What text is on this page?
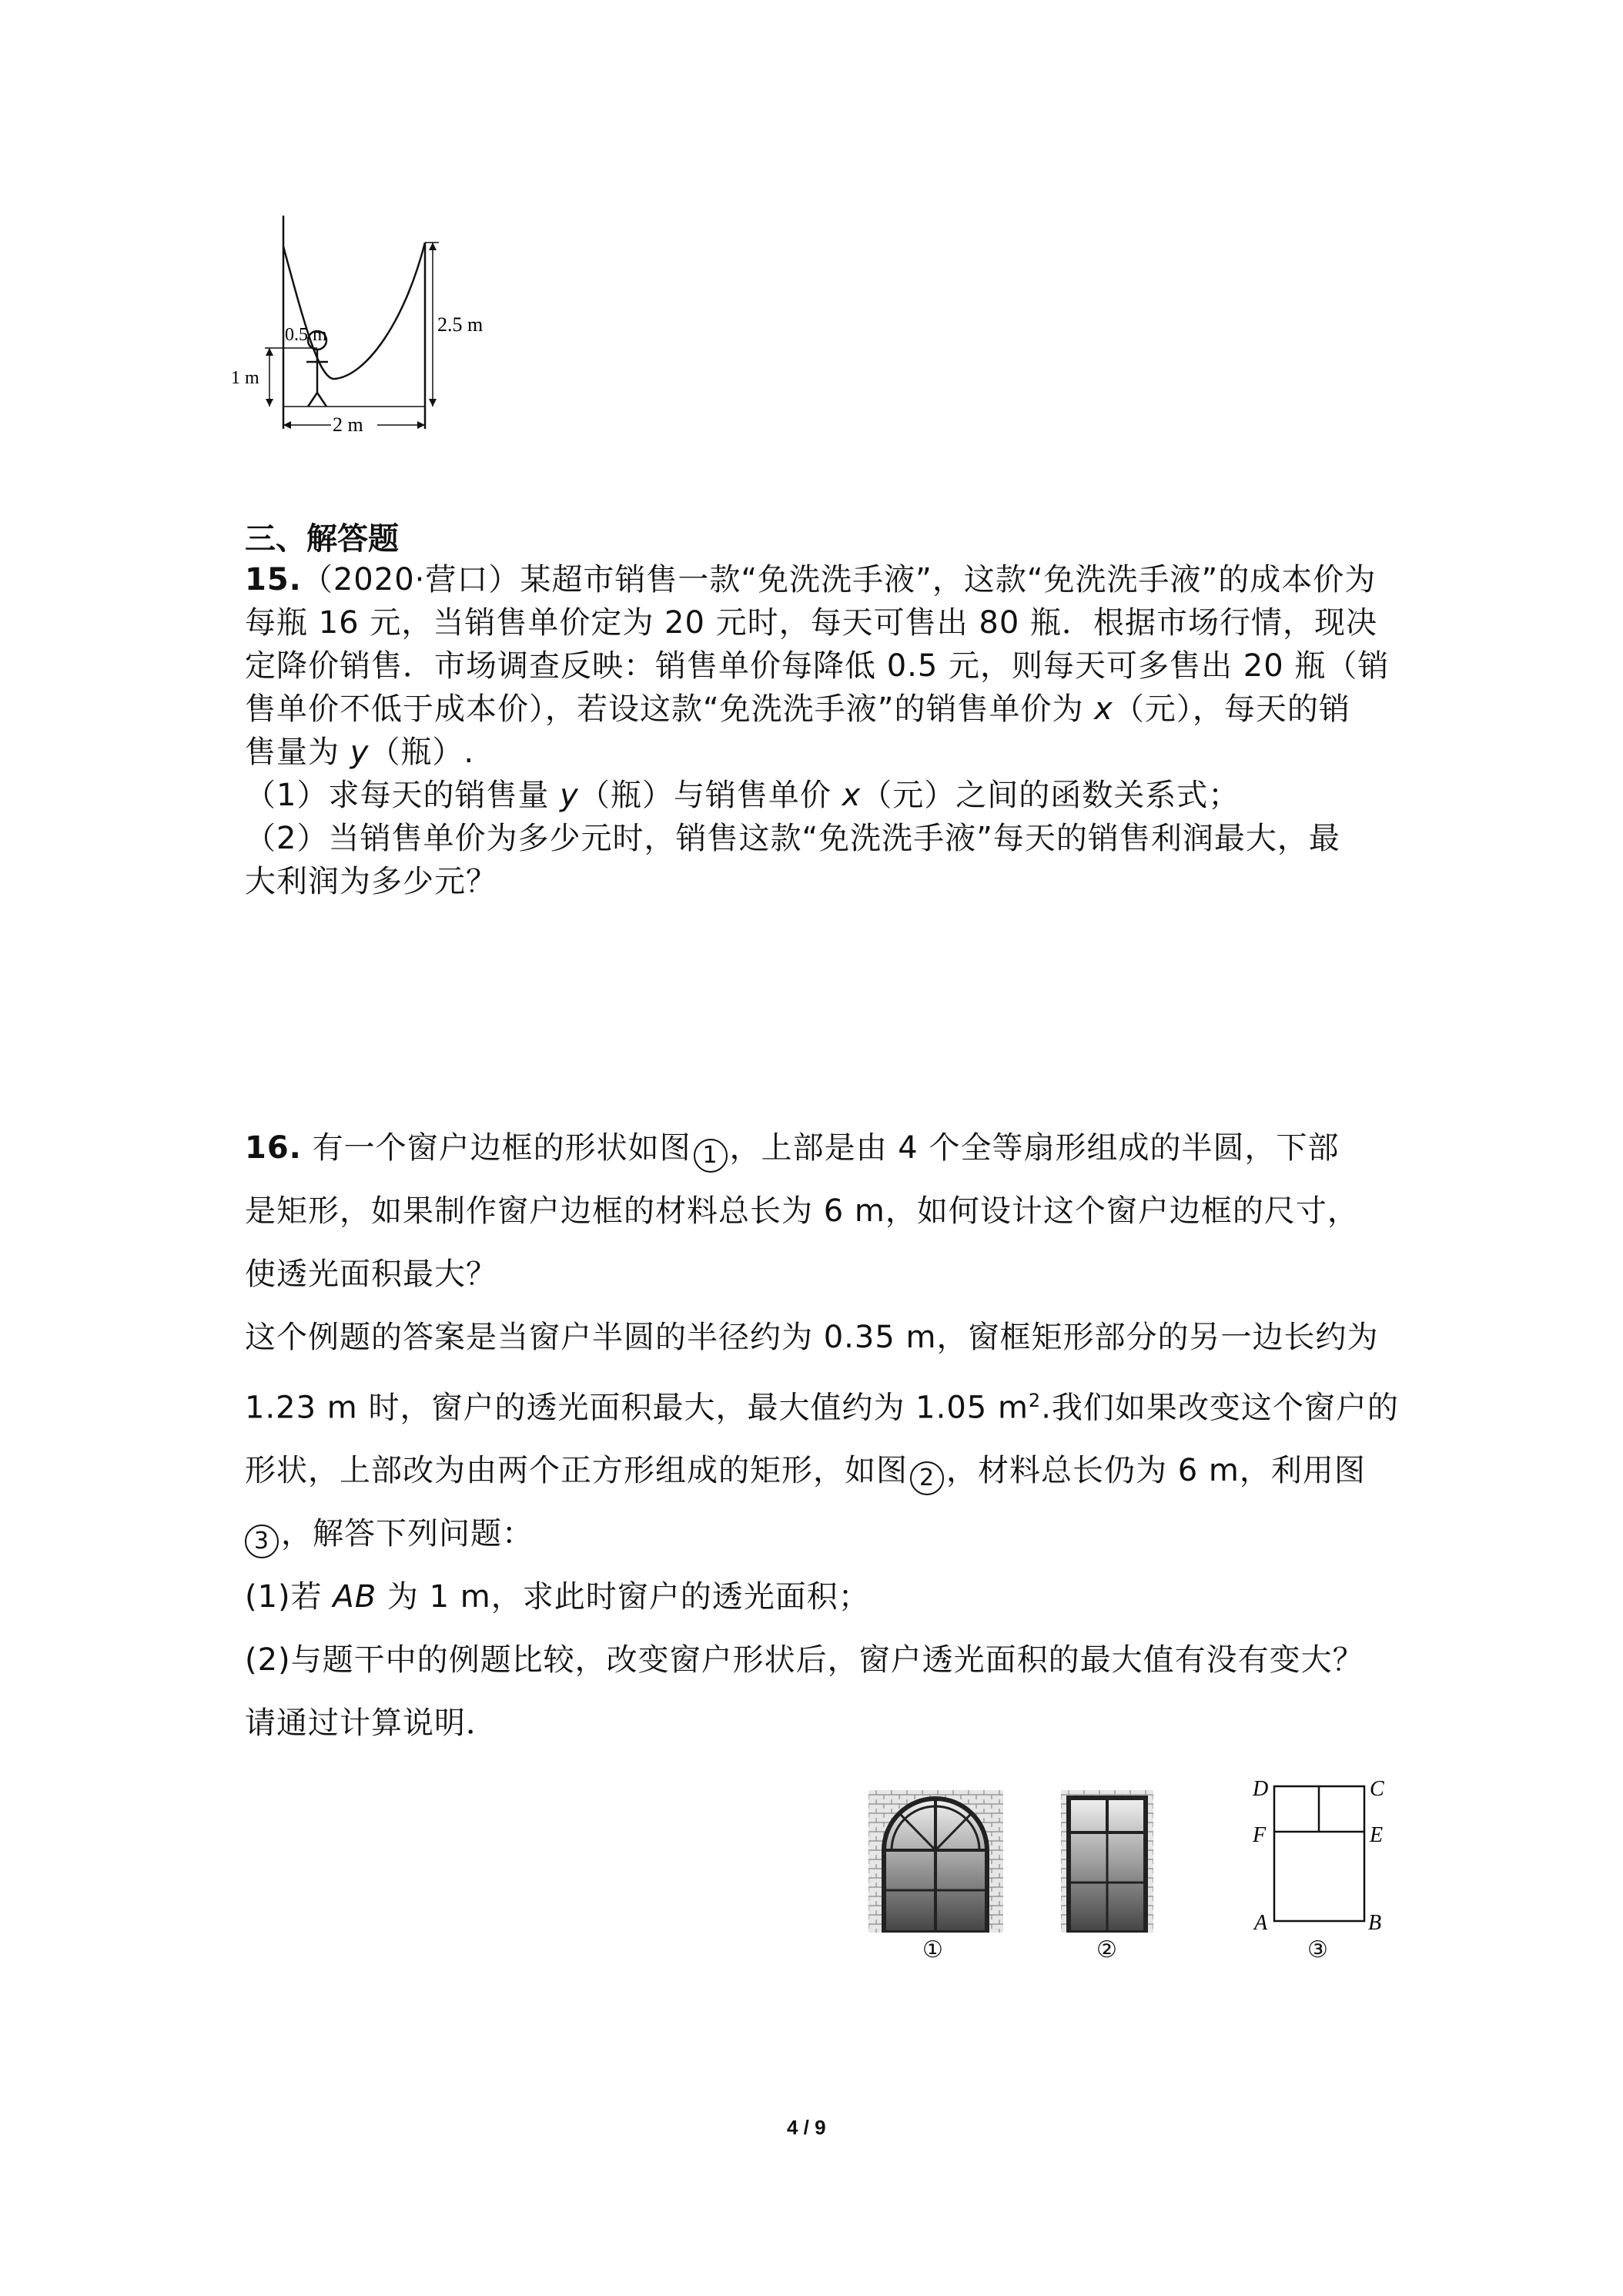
2 m
0.5 m	2.5 m
1 m
三、解答题
15.（2020·营口）某超市销售一款“免洗洗手液”，这款“免洗洗手液”的成本价为
每瓶 16 元，当销售单价定为 20 元时，每天可售出 80 瓶．根据市场行情，现决
定降价销售．市场调查反映：销售单价每降低 0.5 元，则每天可多售出 20 瓶（销
售单价不低于成本价），若设这款“免洗洗手液”的销售单价为 x（元），每天的销
售量为 y（瓶）.
（1）求每天的销售量 y（瓶）与销售单价 x（元）之间的函数关系式；
（2）当销售单价为多少元时，销售这款“免洗洗手液”每天的销售利润最大，最
大利润为多少元？
16. 有一个窗户边框的形状如图 1 ，上部是由 4 个全等扇形组成的半圆，下部
是矩形，如果制作窗户边框的材料总长为 6 m，如何设计这个窗户边框的尺寸，
使透光面积最大？
这个例题的答案是当窗户半圆的半径约为 0.35 m，窗框矩形部分的另一边长约为
1.23 m 时，窗户的透光面积最大，最大值约为 1.05 $m^2$.我们如果改变这个窗户的
形状，上部改为由两个正方形组成的矩形，如图 2 ，材料总长仍为 6 m，利用图
3 ，解答下列问题：
(1)若 AB 为 1 m，求此时窗户的透光面积；
(2)与题干中的例题比较，改变窗户形状后，窗户透光面积的最大值有没有变大？
请通过计算说明．
①	②
D	C
F	E
A	B
③
4 / 9
